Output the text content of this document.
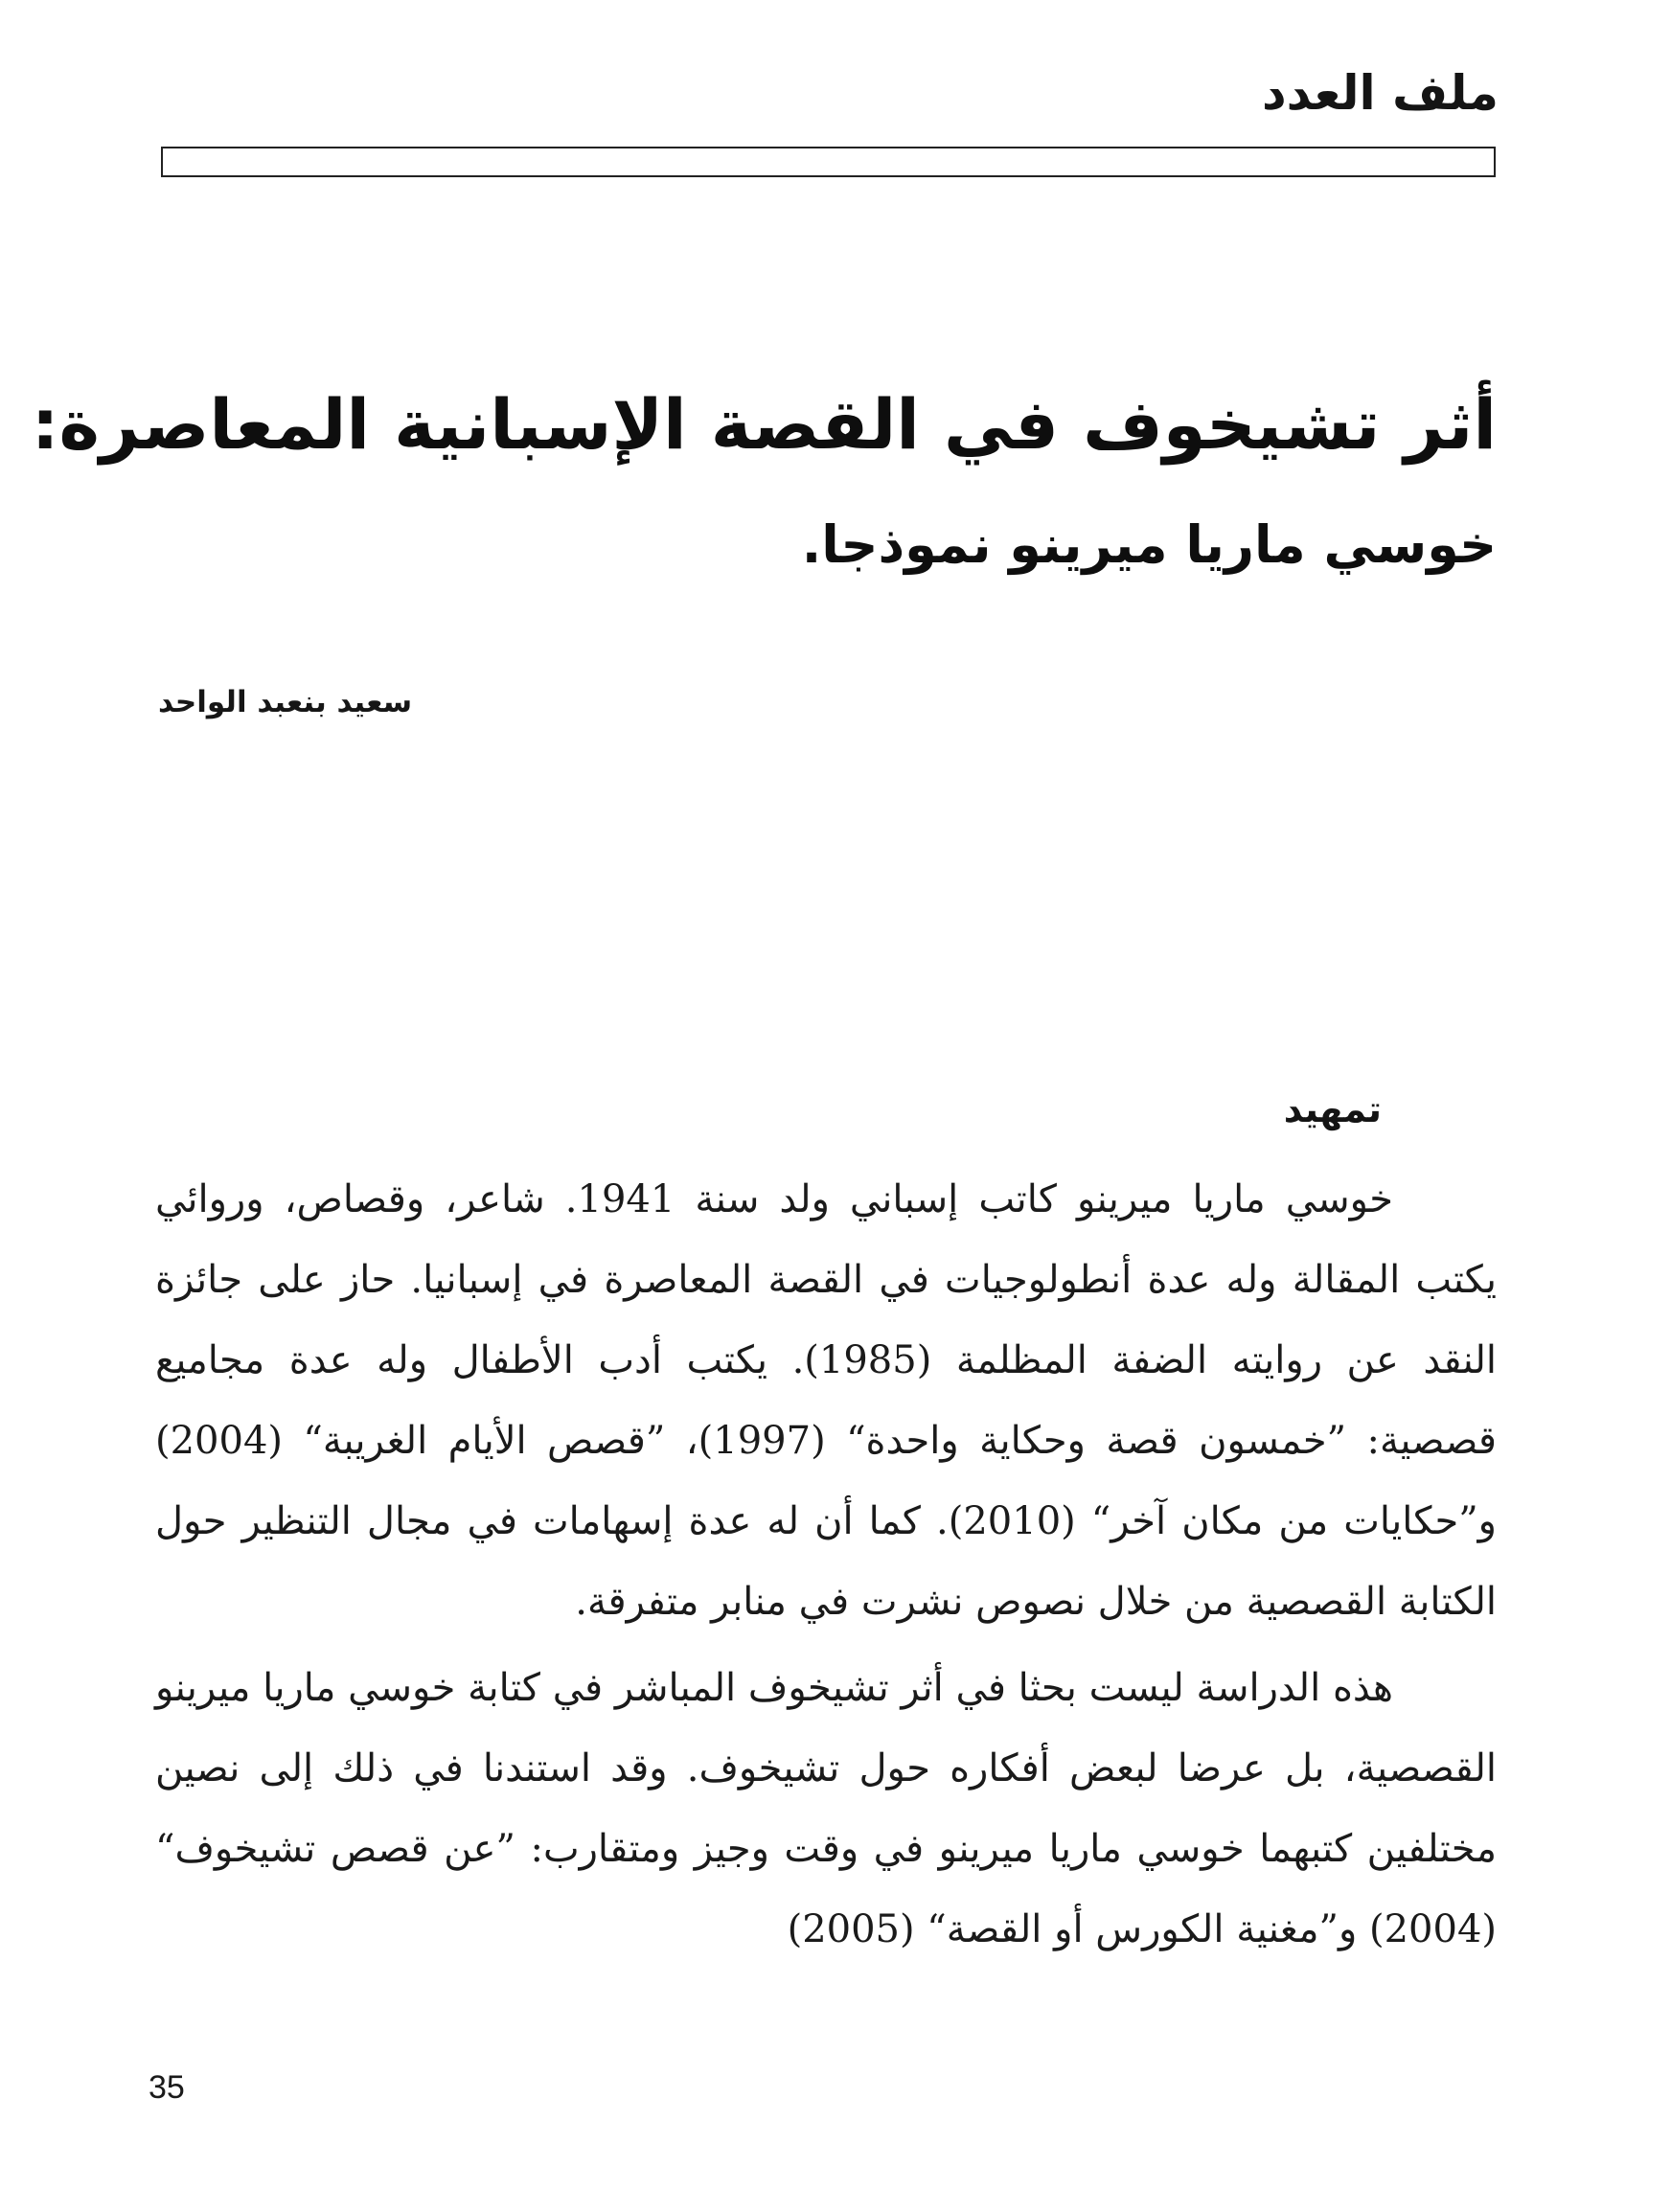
ملف العدد
أثر تشيخوف في القصة الإسبانية المعاصرة:
خوسي ماريا ميرينو نموذجا.
سعيد بنعبد الواحد
تمهيد

خوسي ماريا ميرينو كاتب إسباني ولد سنة 1941. شاعر، وقصاص، وروائي يكتب المقالة وله عدة أنطولوجيات في القصة المعاصرة في إسبانيا. حاز على جائزة النقد عن روايته الضفة المظلمة (1985). يكتب أدب الأطفال وله عدة مجاميع قصصية: ”خمسون قصة وحكاية واحدة“ (1997)، ”قصص الأيام الغريبة“ (2004) و”حكايات من مكان آخر“ (2010). كما أن له عدة إسهامات في مجال التنظير حول الكتابة القصصية من خلال نصوص نشرت في منابر متفرقة.

هذه الدراسة ليست بحثا في أثر تشيخوف المباشر في كتابة خوسي ماريا ميرينو القصصية، بل عرضا لبعض أفكاره حول تشيخوف. وقد استندنا في ذلك إلى نصين مختلفين كتبهما خوسي ماريا ميرينو في وقت وجيز ومتقارب: ”عن قصص تشيخوف“ (2004) و”مغنية الكورس أو القصة“ (2005)

35
